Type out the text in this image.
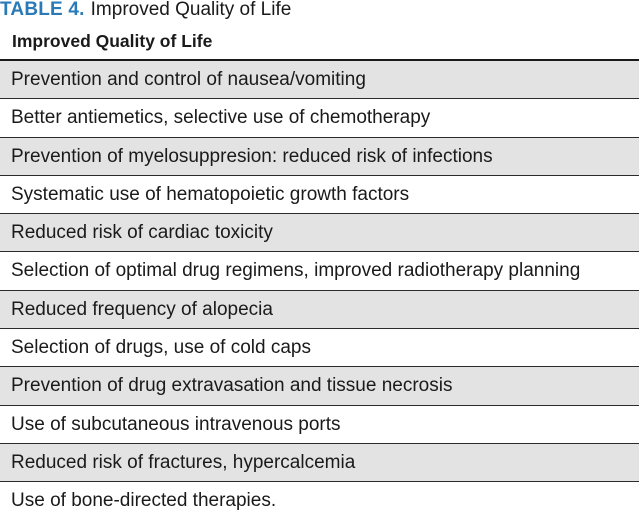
TABLE 4. Improved Quality of Life
Improved Quality of Life
Prevention and control of nausea/vomiting
Better antiemetics, selective use of chemotherapy
Prevention of myelosuppresion: reduced risk of infections
Systematic use of hematopoietic growth factors
Reduced risk of cardiac toxicity
Selection of optimal drug regimens, improved radiotherapy planning
Reduced frequency of alopecia
Selection of drugs, use of cold caps
Prevention of drug extravasation and tissue necrosis
Use of subcutaneous intravenous ports
Reduced risk of fractures, hypercalcemia
Use of bone-directed therapies.
